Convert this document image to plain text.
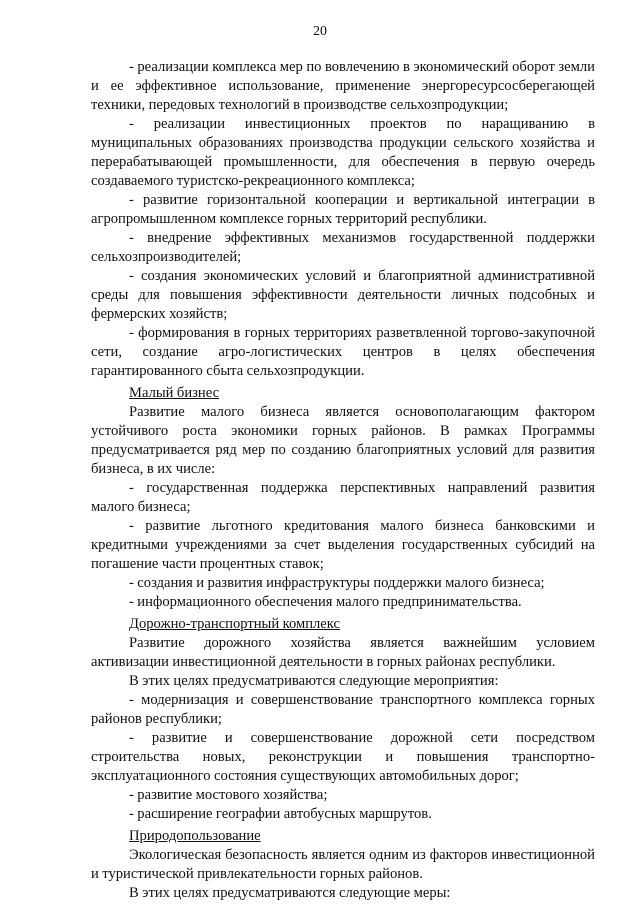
20

- реализации комплекса мер по вовлечению в экономический оборот земли и ее эффективное использование, применение энергоресурсосберегающей техники, передовых технологий в производстве сельхозпродукции;

- реализации инвестиционных проектов по наращиванию в муниципальных образованиях производства продукции сельского хозяйства и перерабатывающей промышленности, для обеспечения в первую очередь создаваемого туристско-рекреационного комплекса;

- развитие горизонтальной кооперации и вертикальной интеграции в агропромышленном комплексе горных территорий республики.

- внедрение эффективных механизмов государственной поддержки сельхозпроизводителей;

- создания экономических условий и благоприятной административной среды для повышения эффективности деятельности личных подсобных и фермерских хозяйств;

- формирования в горных территориях разветвленной торгово-закупочной сети, создание агро-логистических центров в целях обеспечения гарантированного сбыта сельхозпродукции.

Малый бизнес

Развитие малого бизнеса является основополагающим фактором устойчивого роста экономики горных районов. В рамках Программы предусматривается ряд мер по созданию благоприятных условий для развития бизнеса, в их числе:

- государственная поддержка перспективных направлений развития малого бизнеса;

- развитие льготного кредитования малого бизнеса банковскими и кредитными учреждениями за счет выделения государственных субсидий на погашение части процентных ставок;

- создания и развития инфраструктуры поддержки малого бизнеса;

- информационного обеспечения малого предпринимательства.

Дорожно-транспортный комплекс

Развитие дорожного хозяйства является важнейшим условием активизации инвестиционной деятельности в горных районах республики.

В этих целях предусматриваются следующие мероприятия:

- модернизация и совершенствование транспортного комплекса горных районов республики;

- развитие и совершенствование дорожной сети посредством строительства новых, реконструкции и повышения транспортно-эксплуатационного состояния существующих автомобильных дорог;

- развитие мостового хозяйства;

- расширение географии автобусных маршрутов.

Природопользование

Экологическая безопасность является одним из факторов инвестиционной и туристической привлекательности горных районов.

В этих целях предусматриваются следующие меры:
